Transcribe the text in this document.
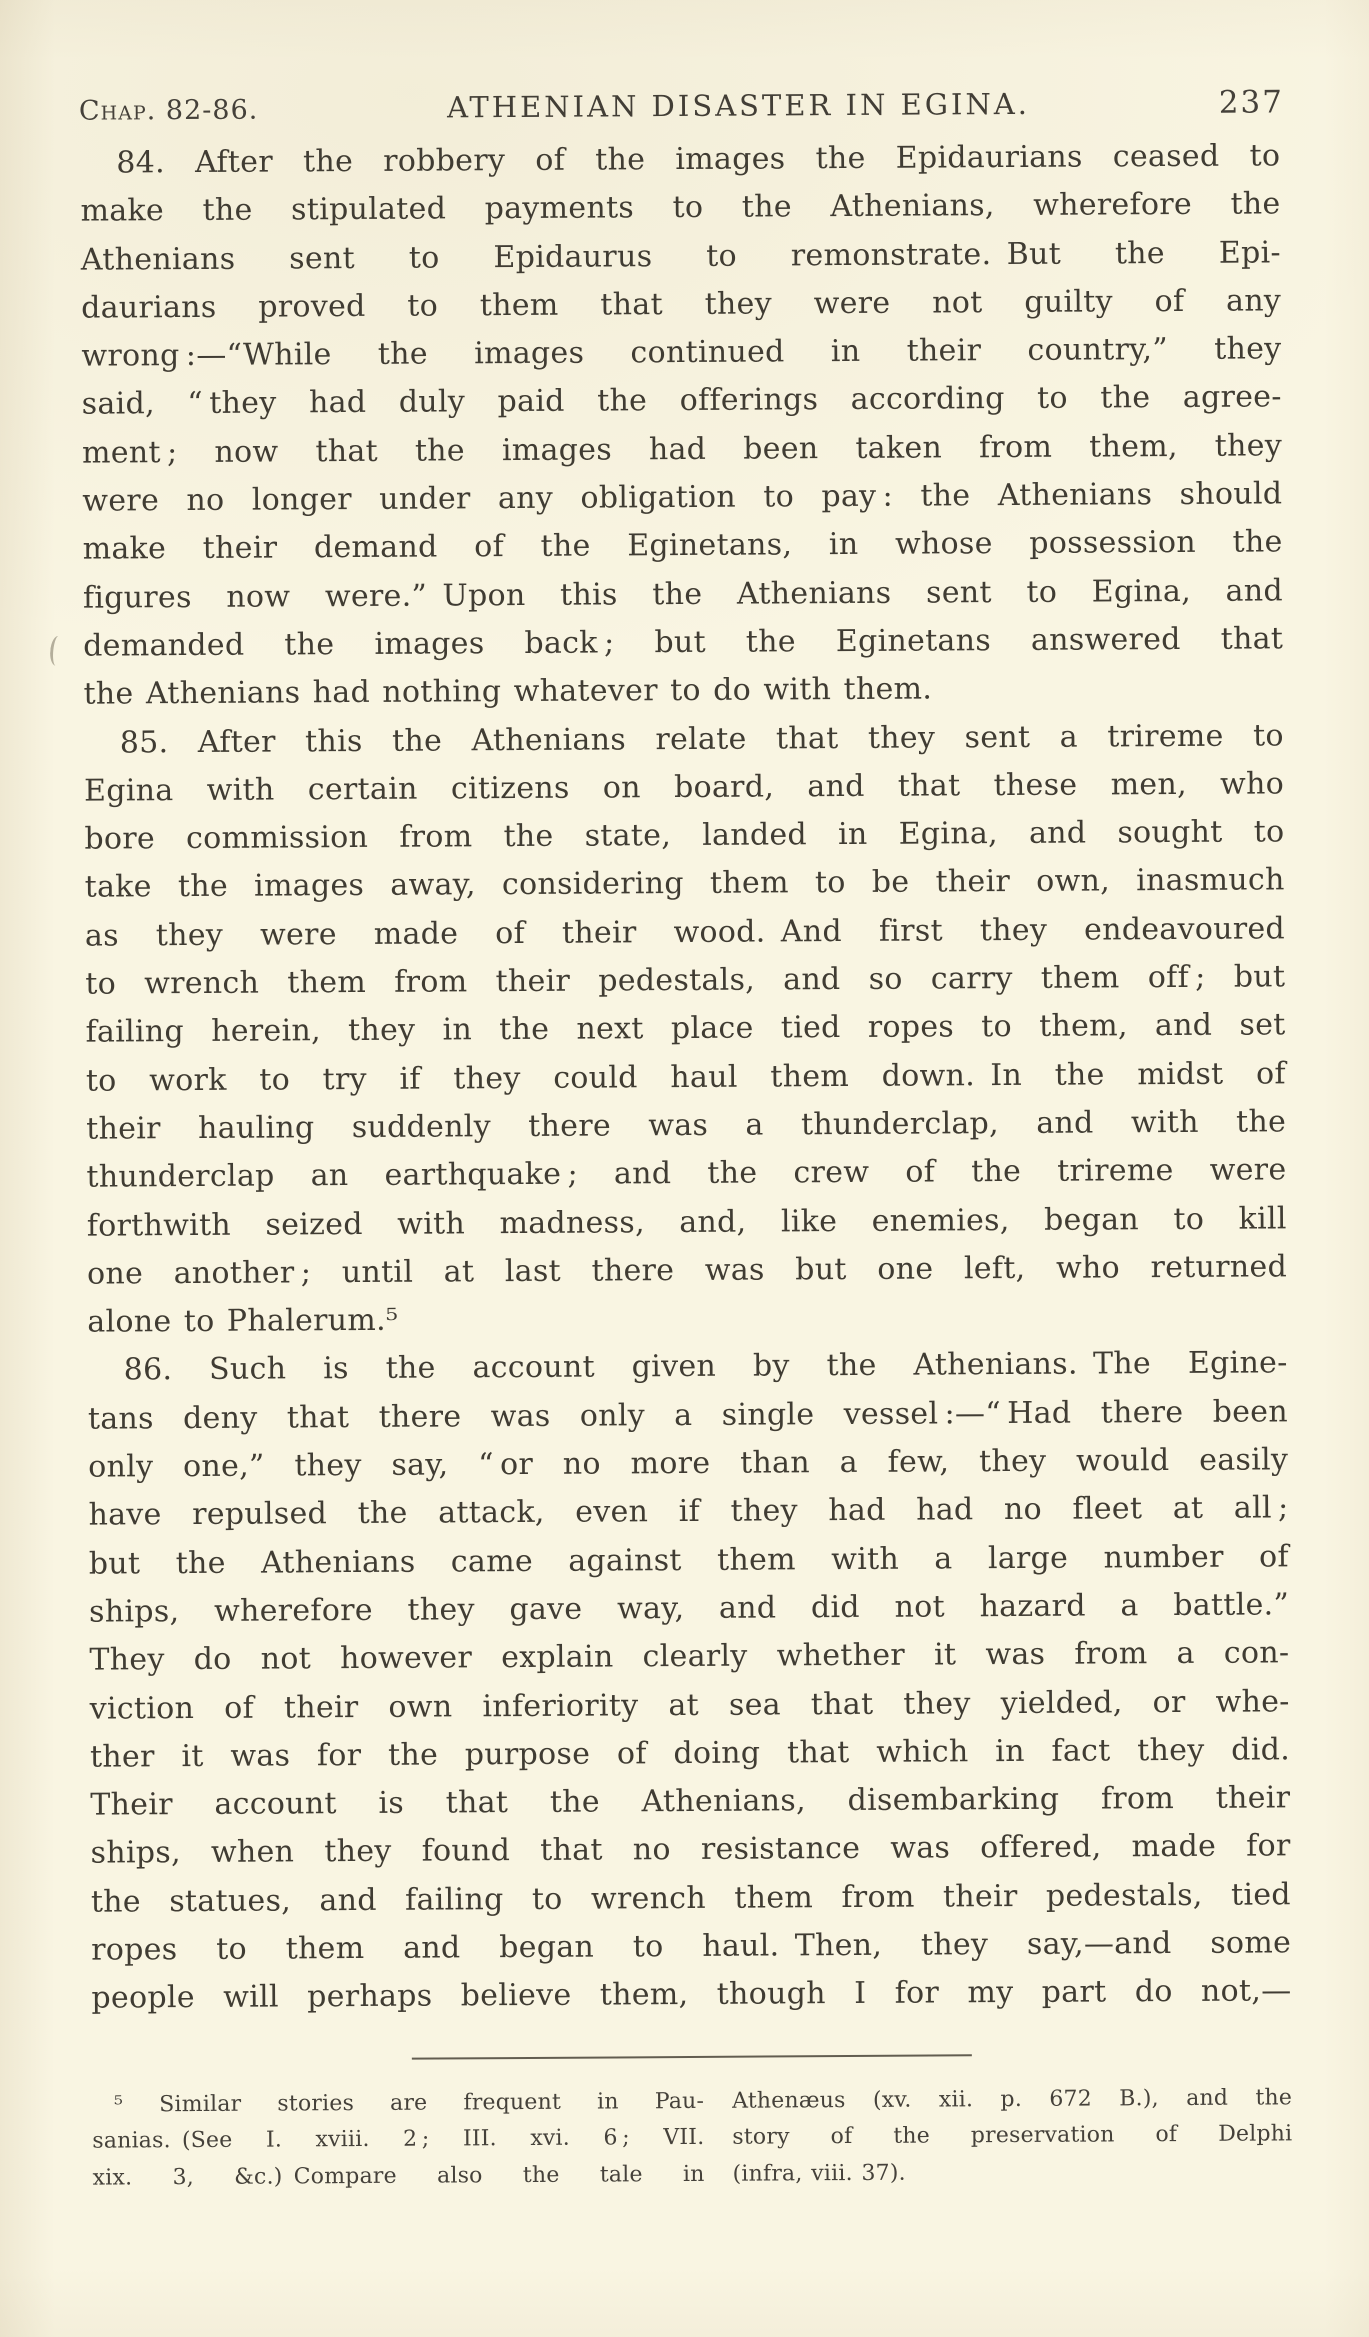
Chap. 82-86.	ATHENIAN DISASTER IN EGINA.	237

84. After the robbery of the images the Epidaurians ceased to
make the stipulated payments to the Athenians, wherefore the
Athenians sent to Epidaurus to remonstrate. But the Epi-
daurians proved to them that they were not guilty of any
wrong :—“While the images continued in their country,” they
said, “ they had duly paid the offerings according to the agree-
ment ; now that the images had been taken from them, they
were no longer under any obligation to pay : the Athenians should
make their demand of the Eginetans, in whose possession the
figures now were.” Upon this the Athenians sent to Egina, and
demanded the images back ; but the Eginetans answered that
the Athenians had nothing whatever to do with them.

85. After this the Athenians relate that they sent a trireme to
Egina with certain citizens on board, and that these men, who
bore commission from the state, landed in Egina, and sought to
take the images away, considering them to be their own, inasmuch
as they were made of their wood. And first they endeavoured
to wrench them from their pedestals, and so carry them off ; but
failing herein, they in the next place tied ropes to them, and set
to work to try if they could haul them down. In the midst of
their hauling suddenly there was a thunderclap, and with the
thunderclap an earthquake ; and the crew of the trireme were
forthwith seized with madness, and, like enemies, began to kill
one another ; until at last there was but one left, who returned
alone to Phalerum.⁵

86. Such is the account given by the Athenians. The Egine-
tans deny that there was only a single vessel :—“ Had there been
only one,” they say, “ or no more than a few, they would easily
have repulsed the attack, even if they had had no fleet at all ;
but the Athenians came against them with a large number of
ships, wherefore they gave way, and did not hazard a battle.”
They do not however explain clearly whether it was from a con-
viction of their own inferiority at sea that they yielded, or whe-
ther it was for the purpose of doing that which in fact they did.
Their account is that the Athenians, disembarking from their
ships, when they found that no resistance was offered, made for
the statues, and failing to wrench them from their pedestals, tied
ropes to them and began to haul. Then, they say,—and some
people will perhaps believe them, though I for my part do not,—

⁵ Similar stories are frequent in Pau-
sanias. (See I. xviii. 2 ; III. xvi. 6 ; VII.
xix. 3, &c.) Compare also the tale in
Athenæus (xv. xii. p. 672 B.), and the
story of the preservation of Delphi
(infra, viii. 37).
